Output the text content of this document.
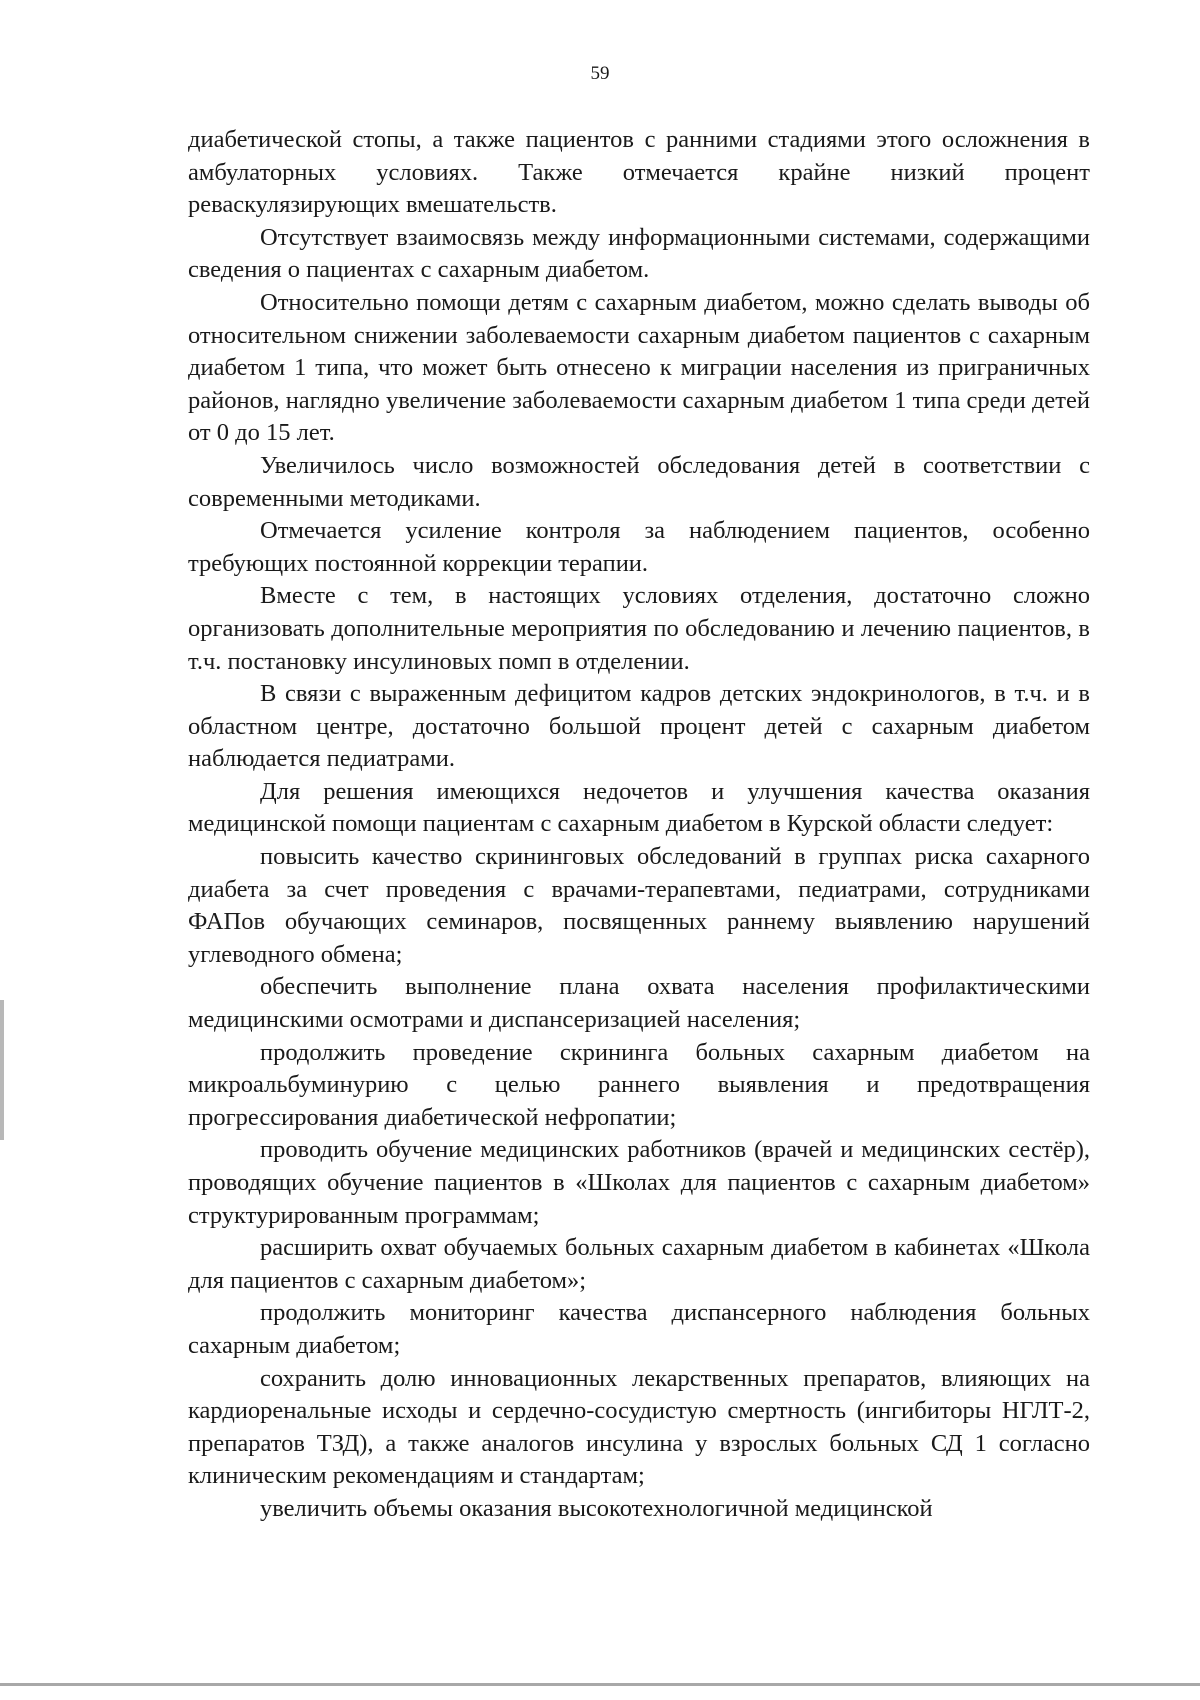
59

диабетической стопы, а также пациентов с ранними стадиями этого осложнения в амбулаторных условиях. Также отмечается крайне низкий процент реваскулязирующих вмешательств.

Отсутствует взаимосвязь между информационными системами, содержащими сведения о пациентах с сахарным диабетом.

Относительно помощи детям с сахарным диабетом, можно сделать выводы об относительном снижении заболеваемости сахарным диабетом пациентов с сахарным диабетом 1 типа, что может быть отнесено к миграции населения из приграничных районов, наглядно увеличение заболеваемости сахарным диабетом 1 типа среди детей от 0 до 15 лет.

Увеличилось число возможностей обследования детей в соответствии с современными методиками.

Отмечается усиление контроля за наблюдением пациентов, особенно требующих постоянной коррекции терапии.

Вместе с тем, в настоящих условиях отделения, достаточно сложно организовать дополнительные мероприятия по обследованию и лечению пациентов, в т.ч. постановку инсулиновых помп в отделении.

В связи с выраженным дефицитом кадров детских эндокринологов, в т.ч. и в областном центре, достаточно большой процент детей с сахарным диабетом наблюдается педиатрами.

Для решения имеющихся недочетов и улучшения качества оказания медицинской помощи пациентам с сахарным диабетом в Курской области следует:

повысить качество скрининговых обследований в группах риска сахарного диабета за счет проведения с врачами-терапевтами, педиатрами, сотрудниками ФАПов обучающих семинаров, посвященных раннему выявлению нарушений углеводного обмена;

обеспечить выполнение плана охвата населения профилактическими медицинскими осмотрами и диспансеризацией населения;

продолжить проведение скрининга больных сахарным диабетом на микроальбуминурию с целью раннего выявления и предотвращения прогрессирования диабетической нефропатии;

проводить обучение медицинских работников (врачей и медицинских сестёр), проводящих обучение пациентов в «Школах для пациентов с сахарным диабетом» структурированным программам;

расширить охват обучаемых больных сахарным диабетом в кабинетах «Школа для пациентов с сахарным диабетом»;

продолжить мониторинг качества диспансерного наблюдения больных сахарным диабетом;

сохранить долю инновационных лекарственных препаратов, влияющих на кардиоренальные исходы и сердечно-сосудистую смертность (ингибиторы НГЛТ-2, препаратов ТЗД), а также аналогов инсулина у взрослых больных СД 1 согласно клиническим рекомендациям и стандартам;

увеличить объемы оказания высокотехнологичной медицинской
